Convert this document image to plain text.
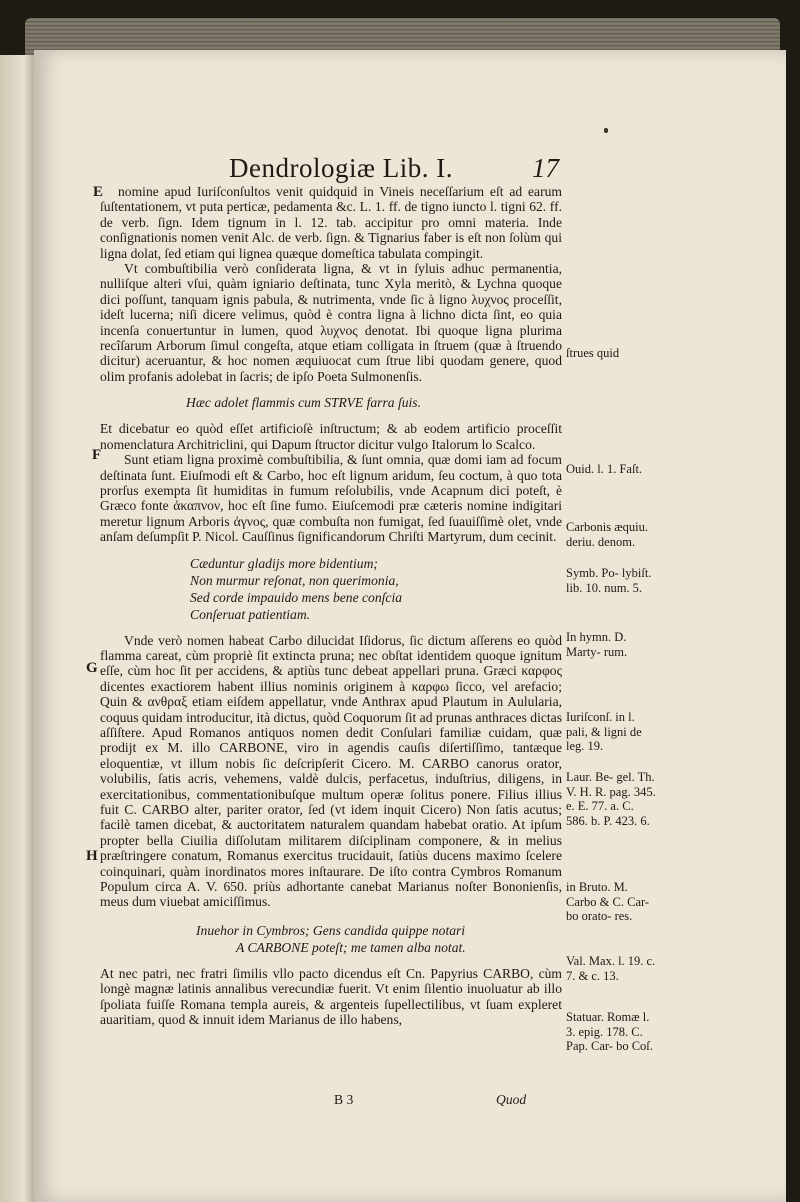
Dendrologiæ Lib. I.	17
E
F
G
H

nomine apud Iuriſconſultos venit quidquid in Vineis neceſſarium eſt ad earum ſuſtentationem, vt puta perticæ, pedamenta &c. L. 1. ff. de tigno iuncto l. tigni 62. ff. de verb. ſign. Idem tignum in l. 12. tab. accipitur pro omni materia. Inde conſignationis nomen venit Alc. de verb. ſign. & Tignarius faber is eſt non ſolùm qui ligna dolat, ſed etiam qui lignea quæque domeſtica tabulata compingit.

Vt combuſtibilia verò conſiderata ligna, & vt in ſyluis adhuc permanentia, nulliſque alteri vſui, quàm igniario deſtinata, tunc Xyla meritò, & Lychna quoque dici poſſunt, tanquam ignis pabula, & nutrimenta, vnde ſic à ligno λυχνος proceſſit, ideſt lucerna; niſi dicere velimus, quòd è contra ligna à lichno dicta ſint, eo quia incenſa conuertuntur in lumen, quod λυχνος denotat. Ibi quoque ligna plurima recîſarum Arborum ſimul congeſta, atque etiam colligata in ſtruem (quæ à ſtruendo dicitur) aceruantur, & hoc nomen æquiuocat cum ſtrue libi quodam genere, quod olim profanis adolebat in ſacris; de ipſo Poeta Sulmonenſis.

Hæc adolet flammis cum STRVE farra ſuis.

Et dicebatur eo quòd eſſet artificioſè inſtructum; & ab eodem artificio proceſſit nomenclatura Architriclini, qui Dapum ſtructor dicitur vulgo Italorum lo Scalco.

Sunt etiam ligna proximè combuſtibilia, & ſunt omnia, quæ domi iam ad focum deſtinata ſunt. Eiuſmodi eſt & Carbo, hoc eſt lignum aridum, ſeu coctum, à quo tota prorſus exempta ſit humiditas in fumum reſolubilis, vnde Acapnum dici poteſt, è Græco fonte ἀκαπνον, hoc eſt ſine fumo. Eiuſcemodi præ cæteris nomine indigitari meretur lignum Arboris ἀγνος, quæ combuſta non fumigat, ſed ſuauiſſimè olet, vnde anſam deſumpſit P. Nicol. Cauſſinus ſignificandorum Chriſti Martyrum, dum cecinit.

Cæduntur gladijs more bidentium;
Non murmur reſonat, non querimonia,
Sed corde impauido mens bene conſcia
Conſeruat patientiam.

Vnde verò nomen habeat Carbo dilucidat Iſidorus, ſic dictum aſſerens eo quòd flamma careat, cùm propriè ſit extincta pruna; nec obſtat identidem quoque ignitum eſſe, cùm hoc ſit per accidens, & aptiùs tunc debeat appellari pruna. Græci καρφος dicentes exactiorem habent illius nominis originem à καρφω ſicco, vel arefacio; Quin & ανθραξ etiam eiſdem appellatur, vnde Anthrax apud Plautum in Aulularia, coquus quidam introducitur, ità dictus, quòd Coquorum ſit ad prunas anthraces dictas aſſiſtere. Apud Romanos antiquos nomen dedit Conſulari familiæ cuidam, quæ prodijt ex M. illo CARBONE, viro in agendis cauſis diſertiſſimo, tantæque eloquentiæ, vt illum nobis ſic deſcripſerit Cicero. M. CARBO canorus orator, volubilis, ſatis acris, vehemens, valdè dulcis, perfacetus, induſtrius, diligens, in exercitationibus, commentationibuſque multum operæ ſolitus ponere. Filius illius fuit C. CARBO alter, pariter orator, ſed (vt idem inquit Cicero) Non ſatis acutus; facilè tamen dicebat, & auctoritatem naturalem quandam habebat oratio. At ipſum propter bella Ciuilia diſſolutam militarem diſciplinam componere, & in melius præſtringere conatum, Romanus exercitus trucidauit, ſatiùs ducens maximo ſcelere coinquinari, quàm inordinatos mores inſtaurare. De iſto contra Cymbros Romanum Populum circa A. V. 650. priùs adhortante canebat Marianus noſter Bononienſis, meus dum viuebat amiciſſimus.

Inuehor in Cymbros; Gens candida quippe notari
A CARBONE poteſt; me tamen alba notat.

At nec patri, nec fratri ſimilis vllo pacto dicendus eſt Cn. Papyrius CARBO, cùm longè magnæ latinis annalibus verecundiæ fuerit. Vt enim ſilentio inuoluatur ab illo ſpoliata fuiſſe Romana templa aureis, & argenteis ſupellectilibus, vt ſuam expleret auaritiam, quod & innuit idem Marianus de illo habens,

ſtrues quid
Ouid. l. 1. Faſt.
Carbonis æquiu. deriu. denom.
Symb. Po- lybiſt. lib. 10. num. 5.
In hymn. D. Marty- rum.
Iuriſconſ. in l. pali, & ligni de leg. 19.
Laur. Be- gel. Th. V. H. R. pag. 345. e. E. 77. a. C. 586. b. P. 423. 6.
in Bruto. M. Carbo & C. Car- bo orato- res.
Val. Max. l. 19. c. 7. & c. 13.
Statuar. Romæ l. 3. epig. 178. C. Pap. Car- bo Coſ.
B 3	Quod
